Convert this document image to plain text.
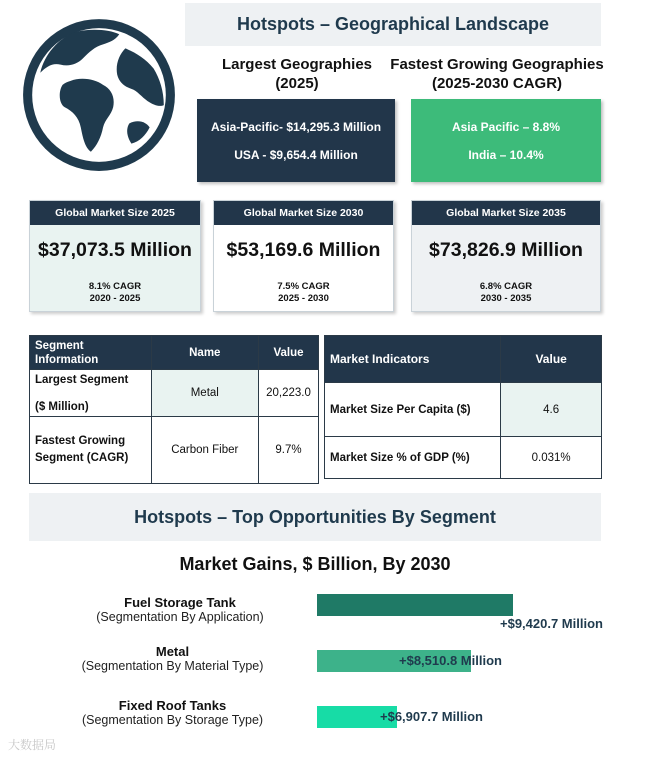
Hotspots – Geographical Landscape
Largest Geographies (2025)
Fastest Growing Geographies (2025-2030 CAGR)
Asia-Pacific- $14,295.3 Million
USA - $9,654.4 Million
Asia Pacific – 8.8%
India – 10.4%
Global Market Size 2025
$37,073.5 Million
8.1% CAGR
2020 - 2025
Global Market Size 2030
$53,169.6 Million
7.5% CAGR
2025 - 2030
Global Market Size 2035
$73,826.9 Million
6.8% CAGR
2030 - 2035
Segment Information	Name	Value

Largest Segment
($ Million)	Metal	20,223.0

Fastest Growing
Segment (CAGR)	Carbon Fiber	9.7%
Market Indicators	Value
Market Size Per Capita ($)	4.6
Market Size % of GDP (%)	0.031%
Hotspots – Top Opportunities By Segment
Market Gains, $ Billion, By 2030
Fuel Storage Tank
(Segmentation By Application)
Metal
(Segmentation By Material Type)
Fixed Roof Tanks
(Segmentation By Storage Type)
+$9,420.7 Million
+$8,510.8 Million
+$6,907.7 Million
大数据局
